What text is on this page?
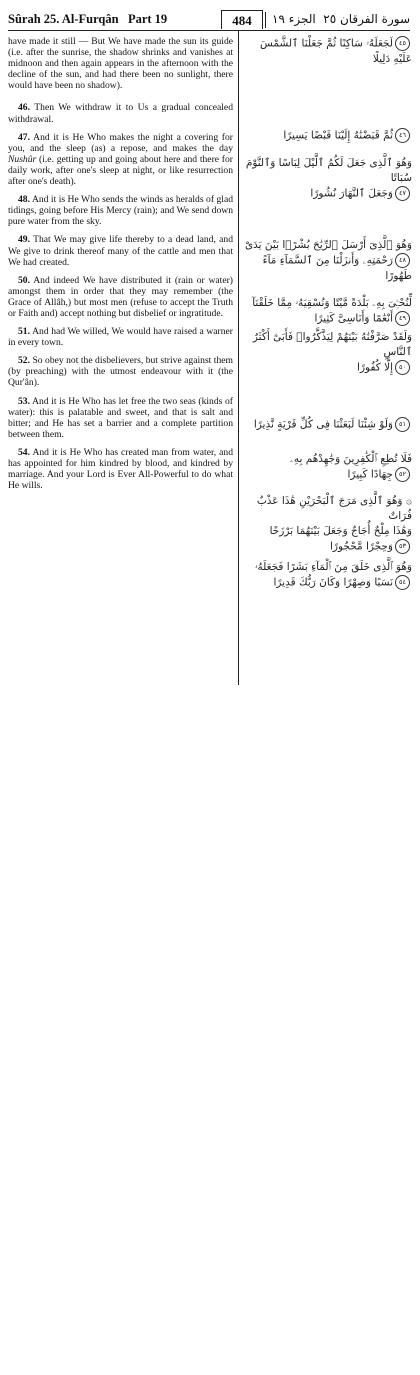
Sûrah 25. Al-Furqân Part 19	484	الجزء ١٩ سورة الفرقان ٢٥

have made it still — But We have made the sun its guide (i.e. after the sunrise, the shadow shrinks and vanishes at midnoon and then again appears in the afternoon with the decline of the sun, and had there been no sunlight, there would have been no shadow).

46. Then We withdraw it to Us a gradual concealed withdrawal.

47. And it is He Who makes the night a covering for you, and the sleep (as) a repose, and makes the day Nushûr (i.e. getting up and going about here and there for daily work, after one's sleep at night, or like resurrection after one's death).

48. And it is He Who sends the winds as heralds of glad tidings, going before His Mercy (rain); and We send down pure water from the sky.

49. That We may give life thereby to a dead land, and We give to drink thereof many of the cattle and men that We had created.

50. And indeed We have distributed it (rain or water) amongst them in order that they may remember (the Grace of Allâh,) but most men (refuse to accept the Truth or Faith and) accept nothing but disbelief or ingratitude.

51. And had We willed, We would have raised a warner in every town.

52. So obey not the disbelievers, but strive against them (by preaching) with the utmost endeavour with it (the Qur'ân).

53. And it is He Who has let free the two seas (kinds of water): this is palatable and sweet, and that is salt and bitter; and He has set a barrier and a complete partition between them.

54. And it is He Who has created man from water, and has appointed for him kindred by blood, and kindred by marriage. And your Lord is Ever All-Powerful to do what He wills.

٤٥لَجَعَلَهُۥ سَاكِنًا ثُمَّ جَعَلْنَا ٱلشَّمْسَ عَلَيْهِ دَلِيلًا
٤٦ثُمَّ قَبَضْنَٰهُ إِلَيْنَا قَبْضًا يَسِيرًا
وَهُوَ ٱلَّذِى جَعَلَ لَكُمُ ٱلَّيْلَ لِبَاسًا وَٱلنَّوْمَ سُبَاتًا
٤٧وَجَعَلَ ٱلنَّهَارَ نُشُورًا
وَهُوَ ٱلَّذِىٓ أَرْسَلَ ٱلرِّيَٰحَ بُشْرًۢا بَيْنَ يَدَىْ
٤٨رَحْمَتِهِۦ وَأَنزَلْنَا مِنَ ٱلسَّمَآءِ مَآءً طَهُورًا
لِّنُحْـِۧىَ بِهِۦ بَلْدَةً مَّيْتًا وَنُسْقِيَهُۥ مِمَّا خَلَقْنَآ
٤٩أَنْعَٰمًا وَأَنَاسِىَّ كَثِيرًا
وَلَقَدْ صَرَّفْنَٰهُ بَيْنَهُمْ لِيَذَّكَّرُوا۟ فَأَبَىٰٓ أَكْثَرُ ٱلنَّاسِ
٥٠إِلَّا كُفُورًا
٥١وَلَوْ شِئْنَا لَبَعَثْنَا فِى كُلِّ قَرْيَةٍ نَّذِيرًا
فَلَا تُطِعِ ٱلْكَٰفِرِينَ وَجَٰهِدْهُم بِهِۦ
٥٢جِهَادًا كَبِيرًا
۞ وَهُوَ ٱلَّذِى مَرَجَ ٱلْبَحْرَيْنِ هَٰذَا عَذْبٌ فُرَاتٌ
وَهَٰذَا مِلْحٌ أُجَاجٌ وَجَعَلَ بَيْنَهُمَا بَرْزَخًا
٥٣وَحِجْرًا مَّحْجُورًا
وَهُوَ ٱلَّذِى خَلَقَ مِنَ ٱلْمَآءِ بَشَرًا فَجَعَلَهُۥ
٥٤نَسَبًا وَصِهْرًا وَكَانَ رَبُّكَ قَدِيرًا
